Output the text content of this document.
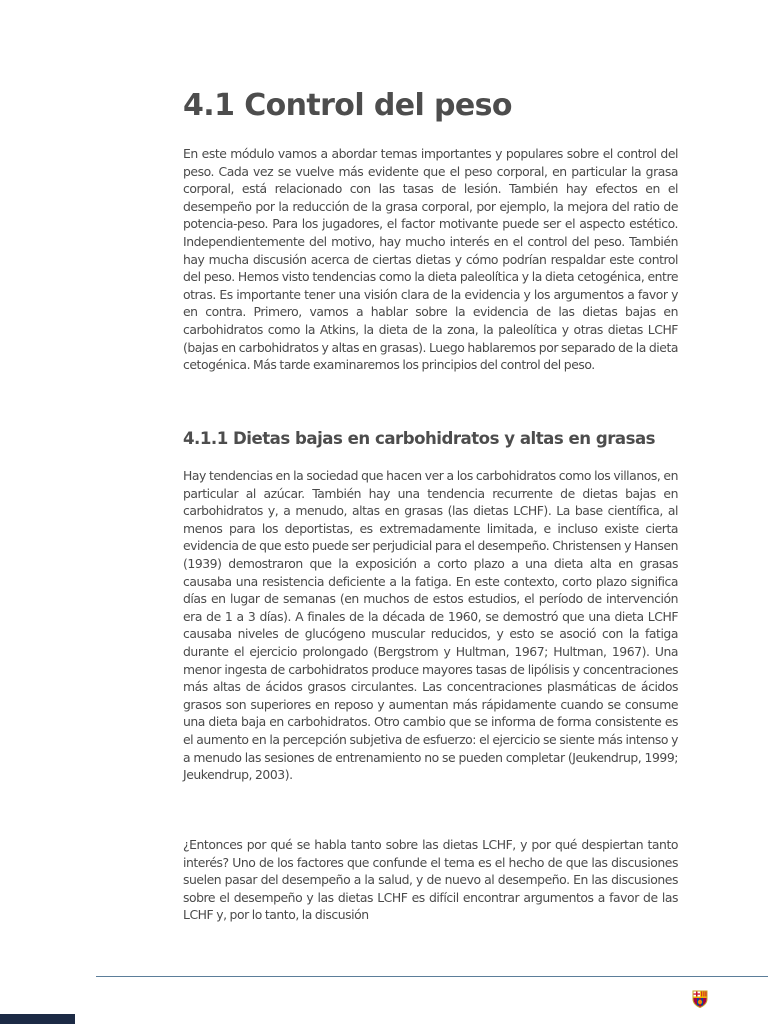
4.1 Control del peso

En este módulo vamos a abordar temas importantes y populares sobre el control del peso. Cada vez se vuelve más evidente que el peso corporal, en particular la grasa corporal, está relacionado con las tasas de lesión. También hay efectos en el desempeño por la reducción de la grasa corporal, por ejemplo, la mejora del ratio de potencia-peso. Para los jugadores, el factor motivante puede ser el aspecto estético. Independientemente del motivo, hay mucho interés en el control del peso. También hay mucha discusión acerca de ciertas dietas y cómo podrían respaldar este control del peso. Hemos visto tendencias como la dieta paleolítica y la dieta cetogénica, entre otras. Es importante tener una visión clara de la evidencia y los argumentos a favor y en contra. Primero, vamos a hablar sobre la evidencia de las dietas bajas en carbohidratos como la Atkins, la dieta de la zona, la paleolítica y otras dietas LCHF (bajas en carbohidratos y altas en grasas). Luego hablaremos por separado de la dieta cetogénica. Más tarde examinaremos los principios del control del peso.

4.1.1 Dietas bajas en carbohidratos y altas en grasas

Hay tendencias en la sociedad que hacen ver a los carbohidratos como los villanos, en particular al azúcar. También hay una tendencia recurrente de dietas bajas en carbohidratos y, a menudo, altas en grasas (las dietas LCHF). La base científica, al menos para los deportistas, es extremadamente limitada, e incluso existe cierta evidencia de que esto puede ser perjudicial para el desempeño. Christensen y Hansen (1939) demostraron que la exposición a corto plazo a una dieta alta en grasas causaba una resistencia deficiente a la fatiga. En este contexto, corto plazo significa días en lugar de semanas (en muchos de estos estudios, el período de intervención era de 1 a 3 días). A finales de la década de 1960, se demostró que una dieta LCHF causaba niveles de glucógeno muscular reducidos, y esto se asoció con la fatiga durante el ejercicio prolongado (Bergstrom y Hultman, 1967; Hultman, 1967). Una menor ingesta de carbohidratos produce mayores tasas de lipólisis y concentraciones más altas de ácidos grasos circulantes. Las concentraciones plasmáticas de ácidos grasos son superiores en reposo y aumentan más rápidamente cuando se consume una dieta baja en carbohidratos. Otro cambio que se informa de forma consistente es el aumento en la percepción subjetiva de esfuerzo: el ejercicio se siente más intenso y a menudo las sesiones de entrenamiento no se pueden completar (Jeukendrup, 1999; Jeukendrup, 2003).

¿Entonces por qué se habla tanto sobre las dietas LCHF, y por qué despiertan tanto interés? Uno de los factores que confunde el tema es el hecho de que las discusiones suelen pasar del desempeño a la salud, y de nuevo al desempeño. En las discusiones sobre el desempeño y las dietas LCHF es difícil encontrar argumentos a favor de las LCHF y, por lo tanto, la discusión
